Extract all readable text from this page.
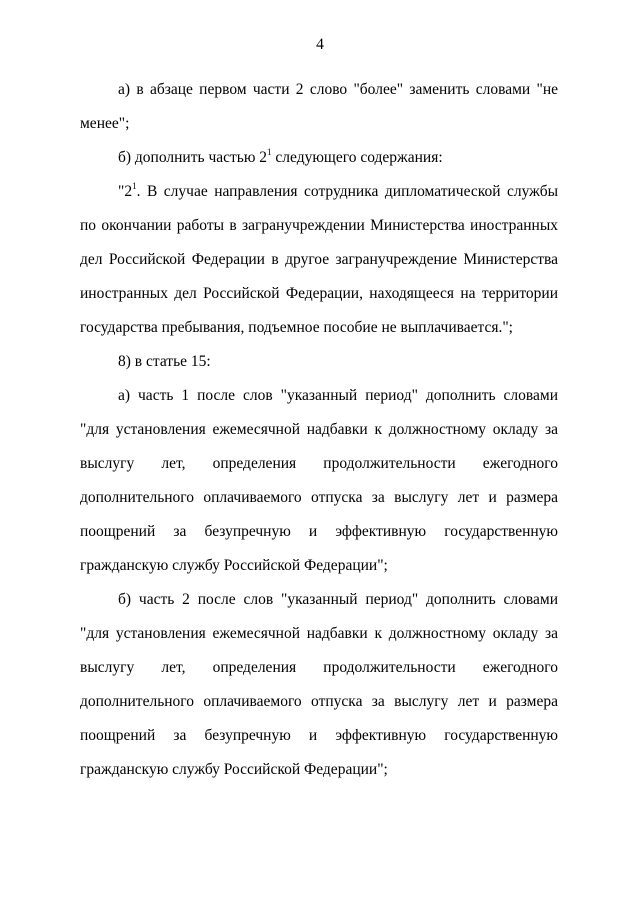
4

а) в абзаце первом части 2 слово "более" заменить словами "не менее";

б) дополнить частью $2^1$ следующего содержания:

"$2^1$. В случае направления сотрудника дипломатической службы по окончании работы в загранучреждении Министерства иностранных дел Российской Федерации в другое загранучреждение Министерства иностранных дел Российской Федерации, находящееся на территории государства пребывания, подъемное пособие не выплачивается.";

8) в статье 15:

а) часть 1 после слов "указанный период" дополнить словами "для установления ежемесячной надбавки к должностному окладу за выслугу лет, определения продолжительности ежегодного дополнительного оплачиваемого отпуска за выслугу лет и размера поощрений за безупречную и эффективную государственную гражданскую службу Российской Федерации";

б) часть 2 после слов "указанный период" дополнить словами "для установления ежемесячной надбавки к должностному окладу за выслугу лет, определения продолжительности ежегодного дополнительного оплачиваемого отпуска за выслугу лет и размера поощрений за безупречную и эффективную государственную гражданскую службу Российской Федерации";
